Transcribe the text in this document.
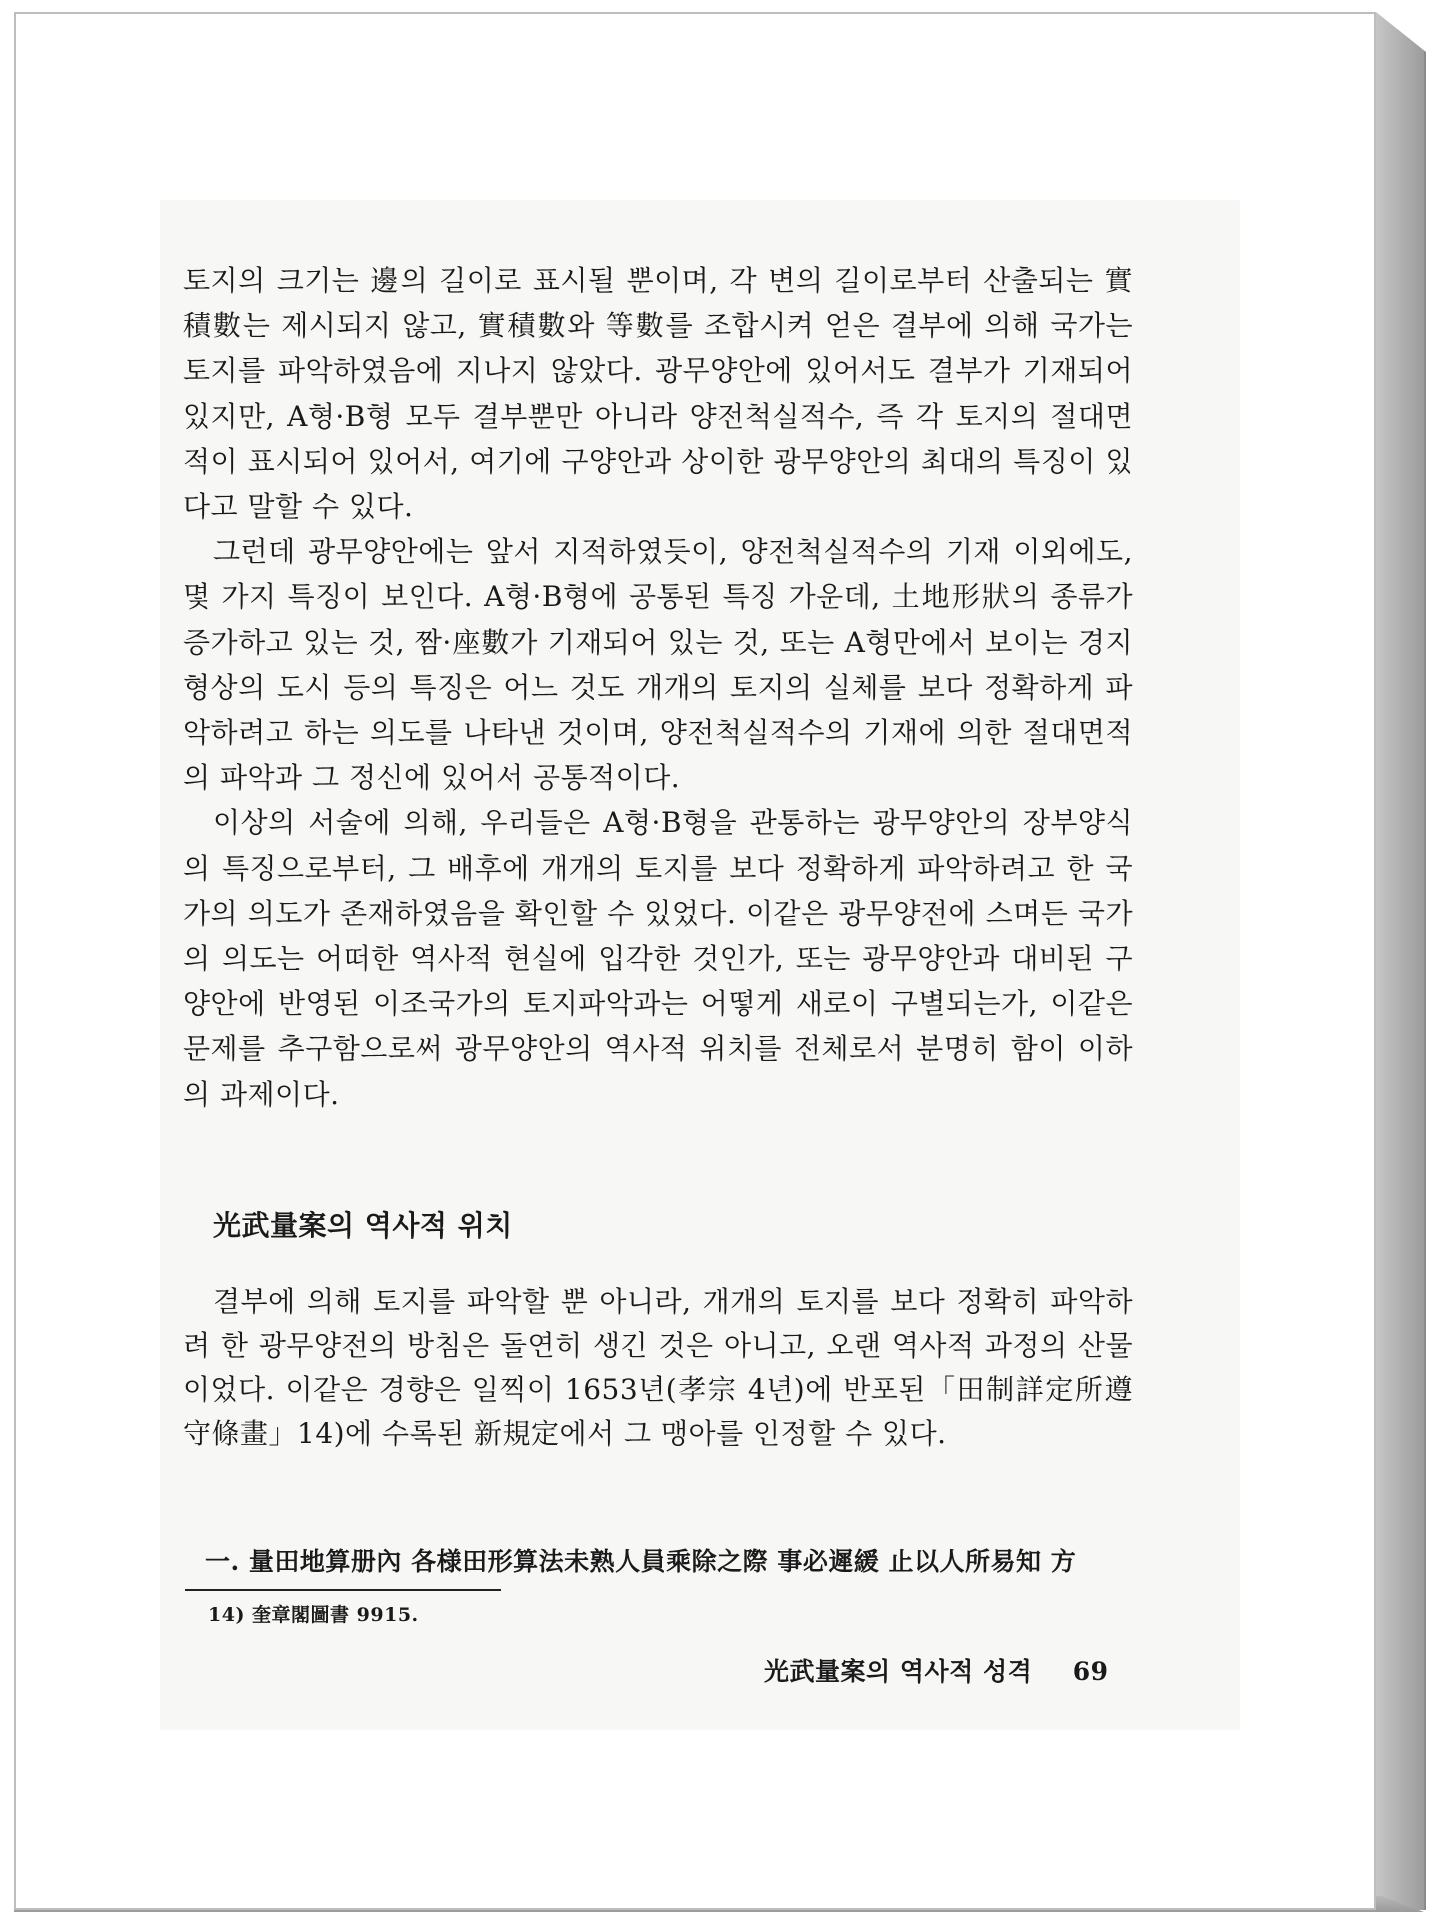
토지의 크기는 邊의 길이로 표시될 뿐이며, 각 변의 길이로부터 산출되는 實積數는 제시되지 않고, 實積數와 等數를 조합시켜 얻은 결부에 의해 국가는 토지를 파악하였음에 지나지 않았다. 광무양안에 있어서도 결부가 기재되어 있지만, A형·B형 모두 결부뿐만 아니라 양전척실적수, 즉 각 토지의 절대면적이 표시되어 있어서, 여기에 구양안과 상이한 광무양안의 최대의 특징이 있다고 말할 수 있다.

그런데 광무양안에는 앞서 지적하였듯이, 양전척실적수의 기재 이외에도, 몇 가지 특징이 보인다. A형·B형에 공통된 특징 가운데, 土地形狀의 종류가 증가하고 있는 것, 짬·座數가 기재되어 있는 것, 또는 A형만에서 보이는 경지 형상의 도시 등의 특징은 어느 것도 개개의 토지의 실체를 보다 정확하게 파악하려고 하는 의도를 나타낸 것이며, 양전척실적수의 기재에 의한 절대면적의 파악과 그 정신에 있어서 공통적이다.

이상의 서술에 의해, 우리들은 A형·B형을 관통하는 광무양안의 장부양식의 특징으로부터, 그 배후에 개개의 토지를 보다 정확하게 파악하려고 한 국가의 의도가 존재하였음을 확인할 수 있었다. 이같은 광무양전에 스며든 국가의 의도는 어떠한 역사적 현실에 입각한 것인가, 또는 광무양안과 대비된 구양안에 반영된 이조국가의 토지파악과는 어떻게 새로이 구별되는가, 이같은 문제를 추구함으로써 광무양안의 역사적 위치를 전체로서 분명히 함이 이하의 과제이다.

光武量案의 역사적 위치

결부에 의해 토지를 파악할 뿐 아니라, 개개의 토지를 보다 정확히 파악하려 한 광무양전의 방침은 돌연히 생긴 것은 아니고, 오랜 역사적 과정의 산물이었다. 이같은 경향은 일찍이 1653년(孝宗 4년)에 반포된「田制詳定所遵守條畫」14)에 수록된 新規定에서 그 맹아를 인정할 수 있다.

一. 量田地算册內 各様田形算法未熟人員乘除之際 事必遲緩 止以人所易知 方
14) 奎章閣圖書 9915.
光武量案의 역사적 성격 69
